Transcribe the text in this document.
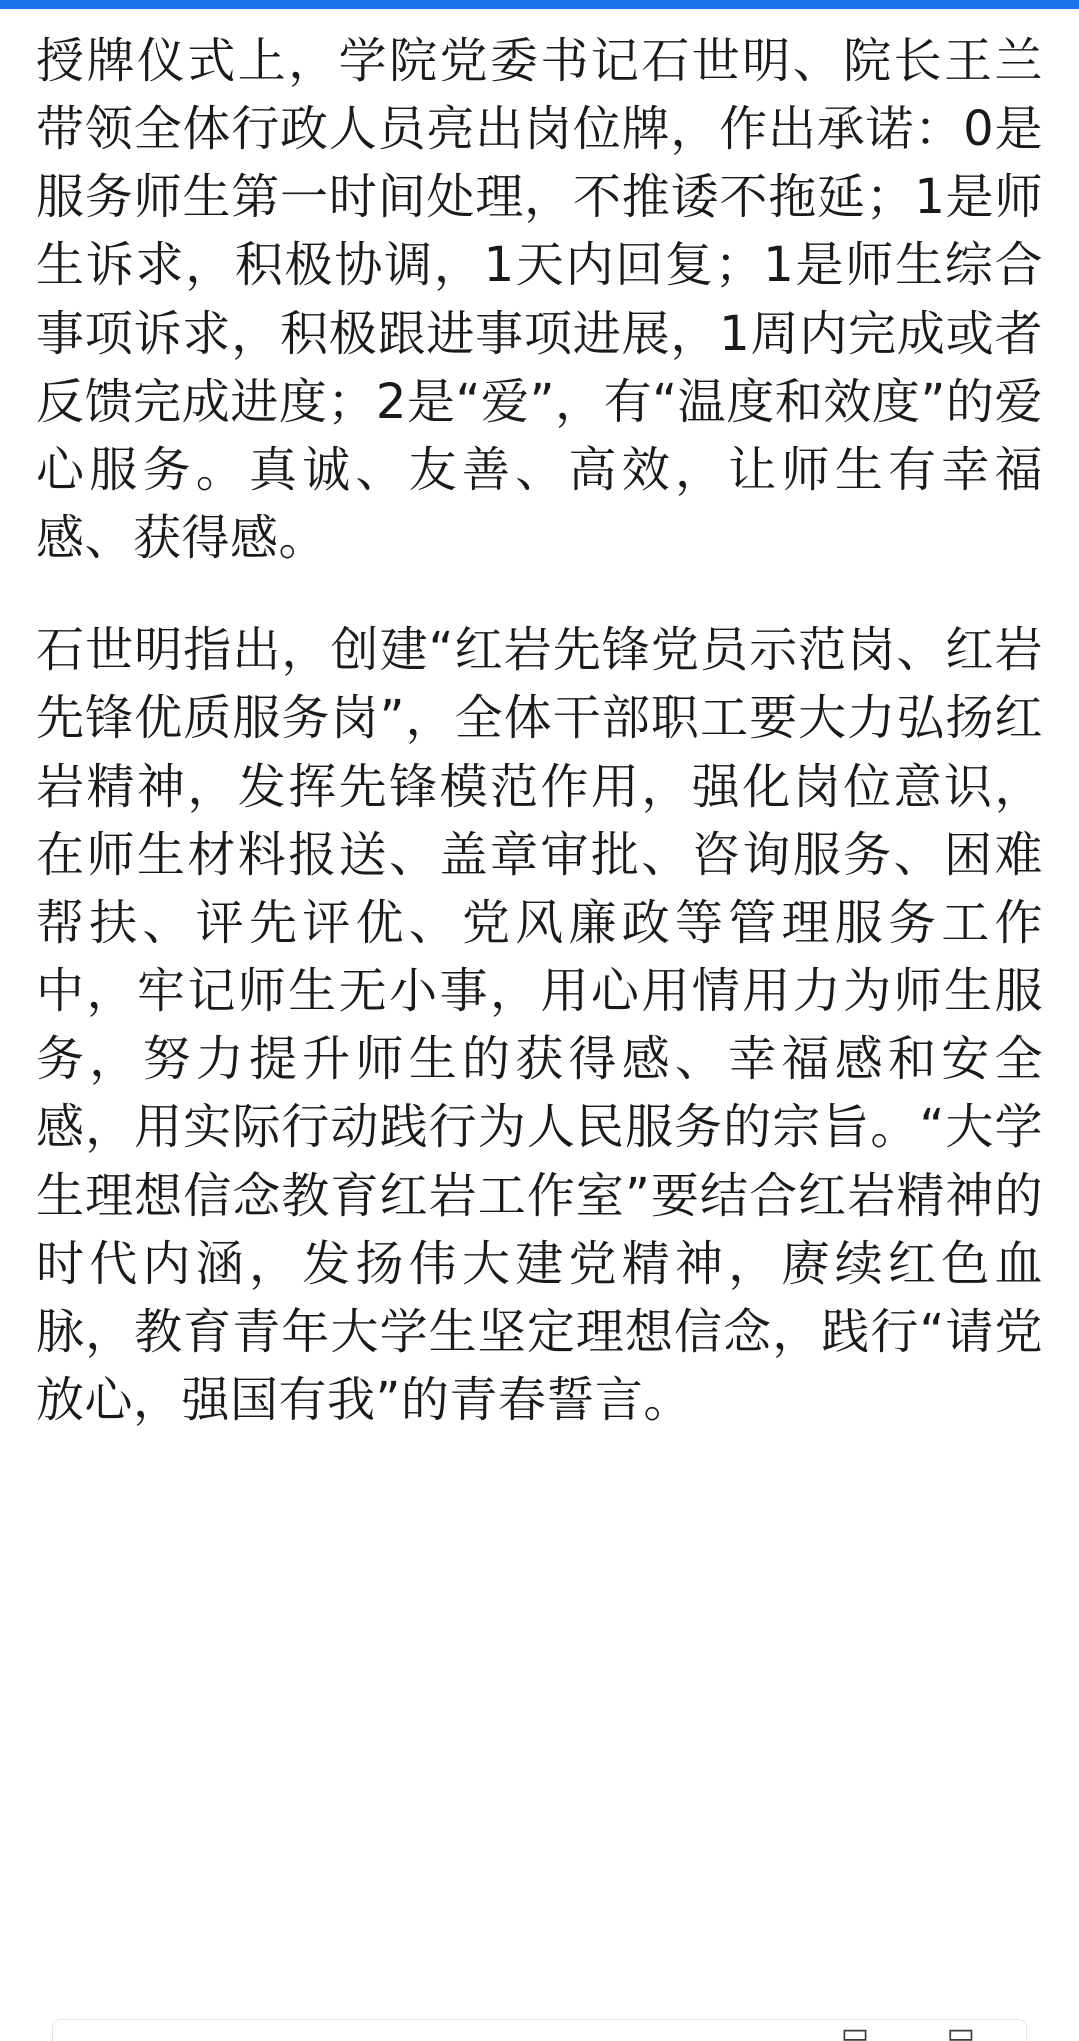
授牌仪式上，学院党委书记石世明、院长王兰带领全体行政人员亮出岗位牌，作出承诺：0是服务师生第一时间处理，不推诿不拖延；1是师生诉求，积极协调，1天内回复；1是师生综合事项诉求，积极跟进事项进展，1周内完成或者反馈完成进度；2是“爱”，有“温度和效度”的爱心服务。真诚、友善、高效，让师生有幸福感、获得感。

石世明指出，创建“红岩先锋党员示范岗、红岩先锋优质服务岗”，全体干部职工要大力弘扬红岩精神，发挥先锋模范作用，强化岗位意识，在师生材料报送、盖章审批、咨询服务、困难帮扶、评先评优、党风廉政等管理服务工作中，牢记师生无小事，用心用情用力为师生服务，努力提升师生的获得感、幸福感和安全感，用实际行动践行为人民服务的宗旨。“大学生理想信念教育红岩工作室”要结合红岩精神的时代内涵，发扬伟大建党精神，赓续红色血脉，教育青年大学生坚定理想信念，践行“请党放心，强国有我”的青春誓言。

▭ ▭
